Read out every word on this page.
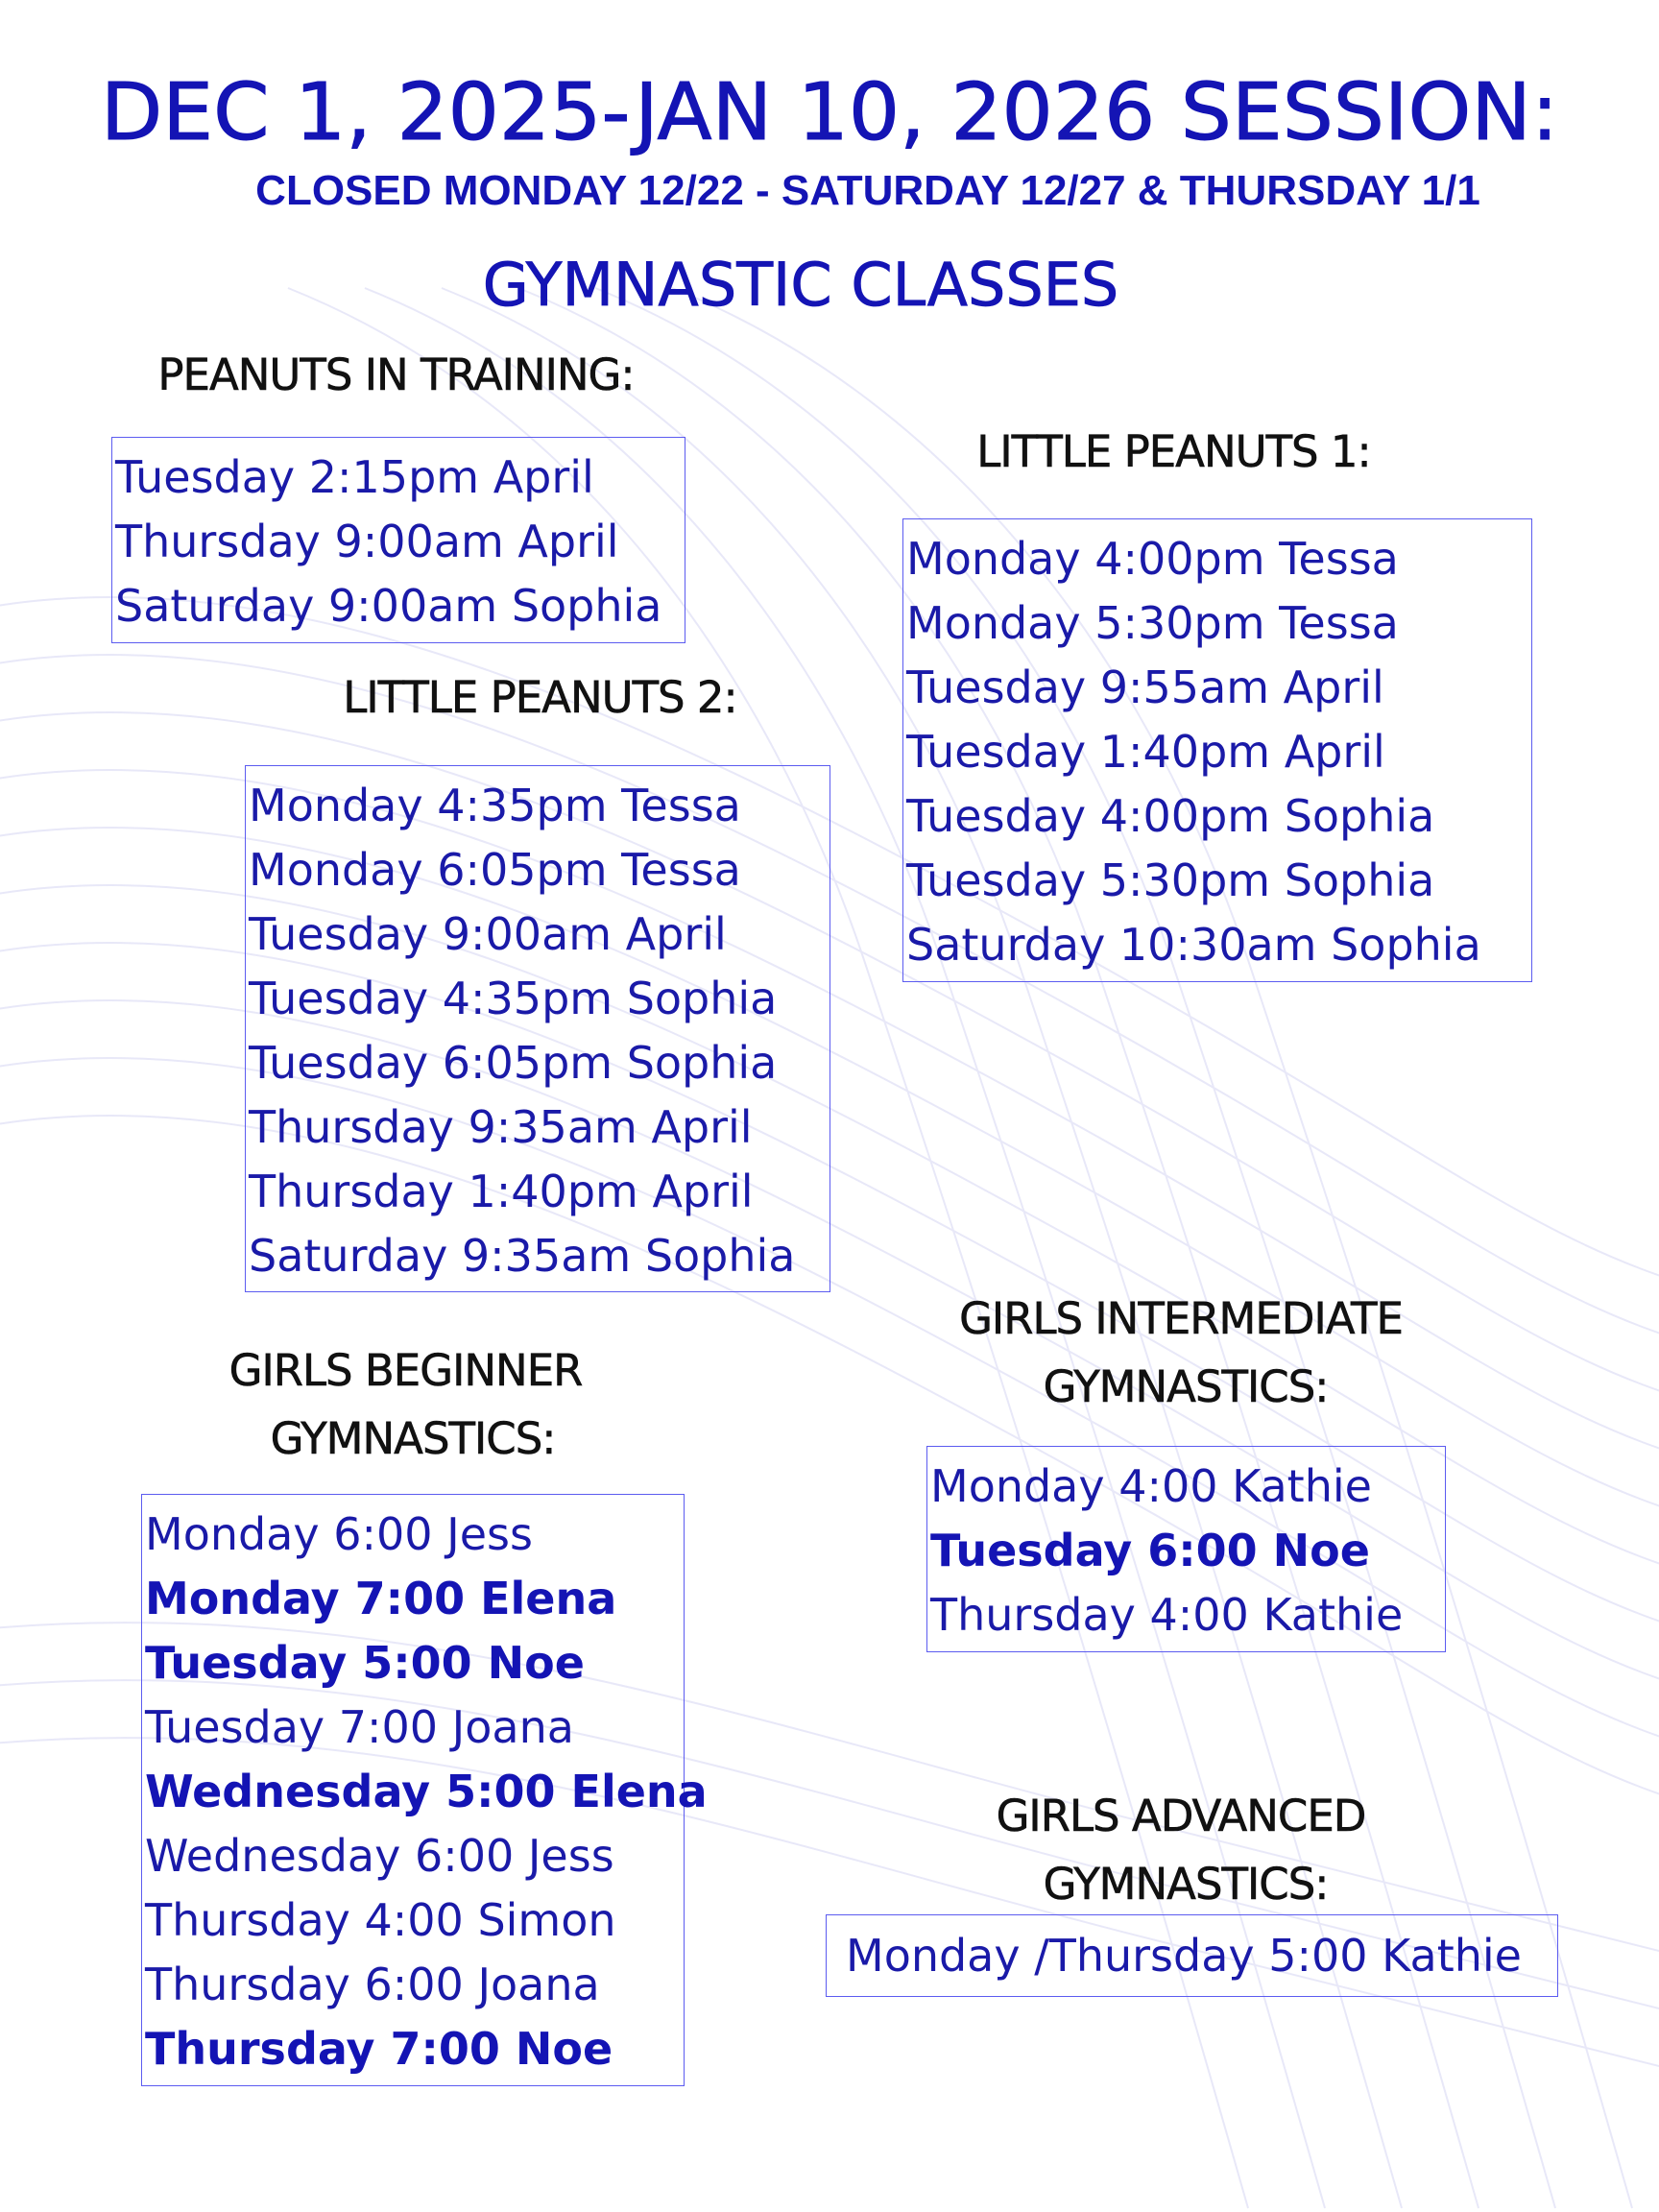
DEC 1, 2025-JAN 10, 2026 SESSION:
CLOSED MONDAY 12/22 - SATURDAY 12/27 & THURSDAY 1/1
GYMNASTIC CLASSES
PEANUTS IN TRAINING:
Tuesday 2:15pm April
Thursday 9:00am April
Saturday 9:00am Sophia
LITTLE PEANUTS 1:
Monday 4:00pm Tessa
Monday 5:30pm Tessa
Tuesday 9:55am April
Tuesday 1:40pm April
Tuesday 4:00pm Sophia
Tuesday 5:30pm Sophia
Saturday 10:30am Sophia
LITTLE PEANUTS 2:
Monday 4:35pm Tessa
Monday 6:05pm Tessa
Tuesday 9:00am April
Tuesday 4:35pm Sophia
Tuesday 6:05pm Sophia
Thursday 9:35am April
Thursday 1:40pm April
Saturday 9:35am Sophia
GIRLS BEGINNER
GYMNASTICS:
Monday 6:00 Jess
Monday 7:00 Elena
Tuesday 5:00 Noe
Tuesday 7:00 Joana
Wednesday 5:00 Elena
Wednesday 6:00 Jess
Thursday 4:00 Simon
Thursday 6:00 Joana
Thursday 7:00 Noe
GIRLS INTERMEDIATE
GYMNASTICS:
Monday 4:00 Kathie
Tuesday 6:00 Noe
Thursday 4:00 Kathie
GIRLS ADVANCED
GYMNASTICS:
Monday /Thursday 5:00 Kathie
